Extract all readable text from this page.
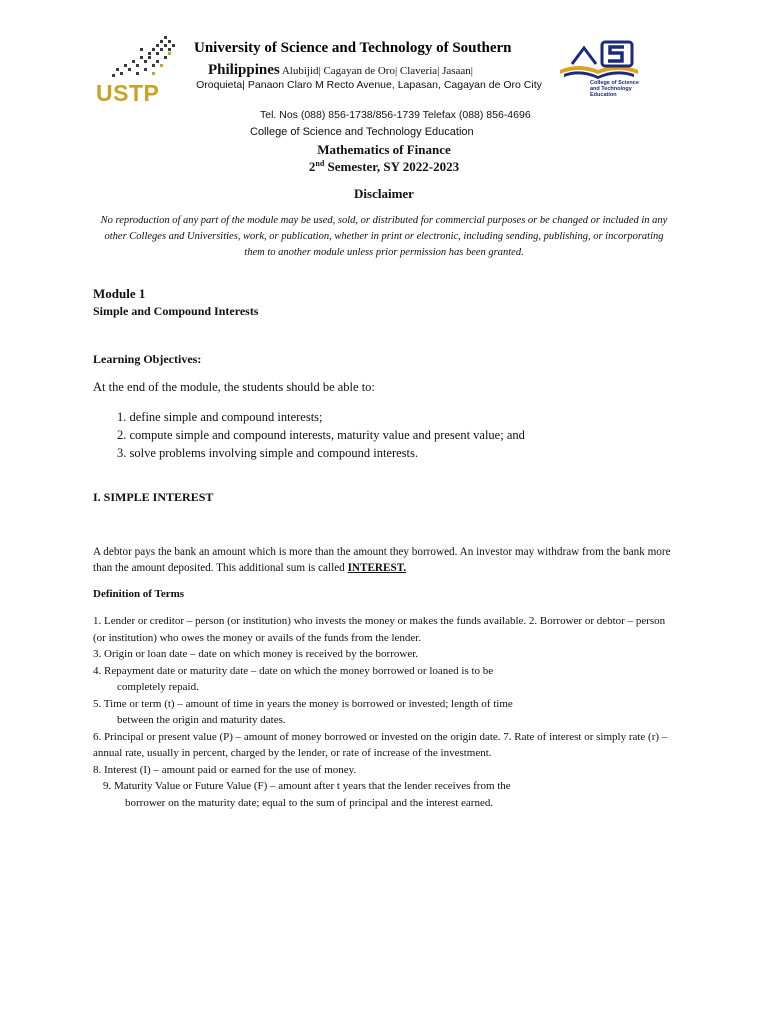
USTP	College of Science and Technology Education
University of Science and Technology of Southern
Philippines Alubijid| Cagayan de Oro| Claveria| Jasaan|
Oroquieta| Panaon Claro M Recto Avenue, Lapasan, Cagayan de Oro City
Tel. Nos (088) 856-1738/856-1739 Telefax (088) 856-4696
College of Science and Technology Education
Mathematics of Finance
2nd Semester, SY 2022-2023
Disclaimer
No reproduction of any part of the module may be used, sold, or distributed for commercial purposes or be changed or included in any other Colleges and Universities, work, or publication, whether in print or electronic, including sending, publishing, or incorporating them to another module unless prior permission has been granted.
Module 1
Simple and Compound Interests
Learning Objectives:
At the end of the module, the students should be able to:
1. define simple and compound interests;
2. compute simple and compound interests, maturity value and present value; and
3. solve problems involving simple and compound interests.
I. SIMPLE INTEREST
A debtor pays the bank an amount which is more than the amount they borrowed. An investor may withdraw from the bank more than the amount deposited. This additional sum is called INTEREST.
Definition of Terms

1. Lender or creditor – person (or institution) who invests the money or makes the funds available. 2. Borrower or debtor – person (or institution) who owes the money or avails of the funds from the lender.

3. Origin or loan date – date on which money is received by the borrower.

4. Repayment date or maturity date – date on which the money borrowed or loaned is to be

completely repaid.

5. Time or term (t) – amount of time in years the money is borrowed or invested; length of time

between the origin and maturity dates.

6. Principal or present value (P) – amount of money borrowed or invested on the origin date. 7. Rate of interest or simply rate (r) – annual rate, usually in percent, charged by the lender, or rate of increase of the investment.

8. Interest (I) – amount paid or earned for the use of money.

9. Maturity Value or Future Value (F) – amount after t years that the lender receives from the

borrower on the maturity date; equal to the sum of principal and the interest earned.
